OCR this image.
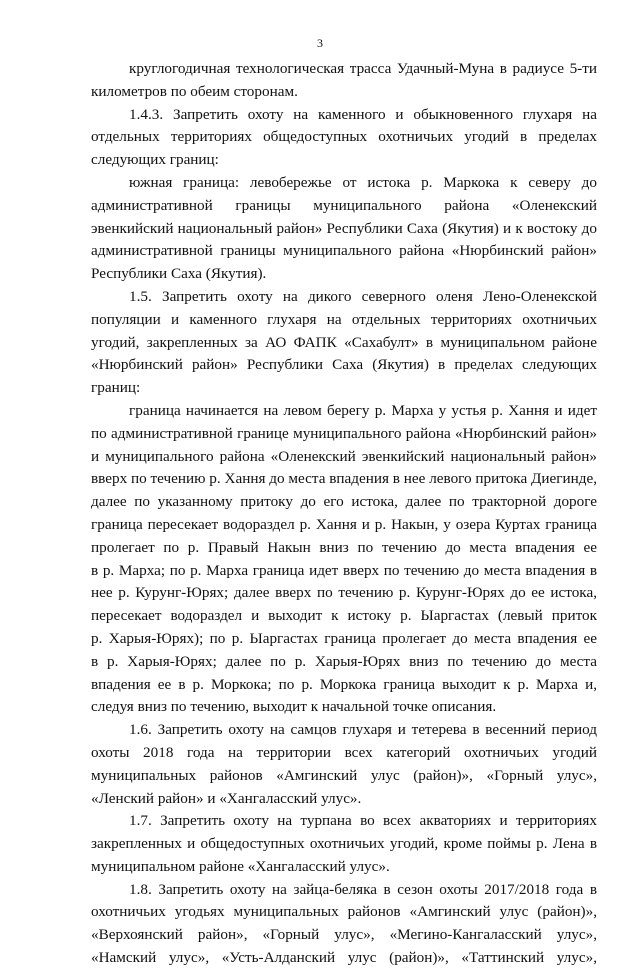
3
круглогодичная технологическая трасса Удачный-Муна в радиусе 5-ти
километров по обеим сторонам.
1.4.3. Запретить охоту на каменного и обыкновенного глухаря на
отдельных территориях общедоступных охотничьих угодий в пределах
следующих границ:
южная граница: левобережье от истока р. Маркока к северу до
административной границы муниципального района «Оленекский
эвенкийский национальный район» Республики Саха (Якутия) и к востоку до
административной границы муниципального района «Нюрбинский район»
Республики Саха (Якутия).
1.5. Запретить охоту на дикого северного оленя Лено-Оленекской
популяции и каменного глухаря на отдельных территориях охотничьих
угодий, закрепленных за АО ФАПК «Сахабулт» в муниципальном районе
«Нюрбинский район» Республики Саха (Якутия) в пределах следующих
границ:
граница начинается на левом берегу р. Марха у устья р. Хання и идет
по административной границе муниципального района «Нюрбинский район»
и муниципального района «Оленекский эвенкийский национальный район»
вверх по течению р. Хання до места впадения в нее левого притока Диегинде,
далее по указанному притоку до его истока, далее по тракторной дороге
граница пересекает водораздел р. Хання и р. Накын, у озера Куртах граница
пролегает по р. Правый Накын вниз по течению до места впадения ее
в р. Марха; по р. Марха граница идет вверх по течению до места впадения в
нее р. Курунг-Юрях; далее вверх по течению р. Курунг-Юрях до ее истока,
пересекает водораздел и выходит к истоку р. Ыаргастах (левый приток
р. Харыя-Юрях); по р. Ыаргастах граница пролегает до места впадения ее
в р. Харыя-Юрях; далее по р. Харыя-Юрях вниз по течению до места
впадения ее в р. Моркока; по р. Моркока граница выходит к р. Марха и,
следуя вниз по течению, выходит к начальной точке описания.
1.6. Запретить охоту на самцов глухаря и тетерева в весенний период
охоты 2018 года на территории всех категорий охотничьих угодий
муниципальных районов «Амгинский улус (район)», «Горный улус»,
«Ленский район» и «Хангаласский улус».
1.7. Запретить охоту на турпана во всех акваториях и территориях
закрепленных и общедоступных охотничьих угодий, кроме поймы р. Лена в
муниципальном районе «Хангаласский улус».
1.8. Запретить охоту на зайца-беляка в сезон охоты 2017/2018 года в
охотничьих угодьях муниципальных районов «Амгинский улус (район)»,
«Верхоянский район», «Горный улус», «Мегино-Кангаласский улус»,
«Намский улус», «Усть-Алданский улус (район)», «Таттинский улус»,
